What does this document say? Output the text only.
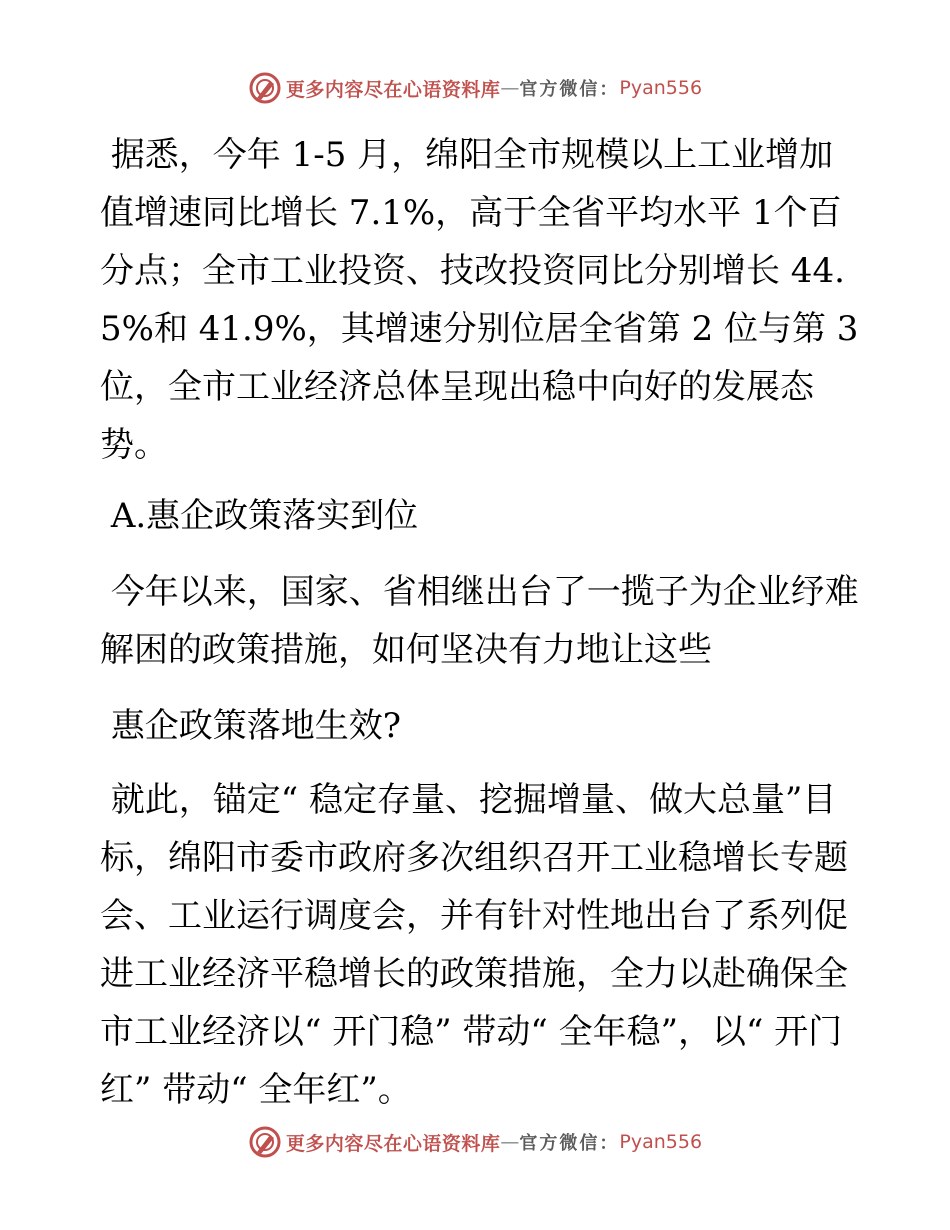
更多内容尽在心语资料库 — 官方微信： Pyan556

据悉，今年 1-5 月，绵阳全市规模以上工业增加值增速同比增长 7.1%，高于全省平均水平 1个百分点；全市工业投资、技改投资同比分别增长 44.5%和 41.9%，其增速分别位居全省第 2 位与第 3 位，全市工业经济总体呈现出稳中向好的发展态势。

A.惠企政策落实到位

今年以来，国家、省相继出台了一揽子为企业纾难解困的政策措施，如何坚决有力地让这些

惠企政策落地生效?

就此，锚定“ 稳定存量、挖掘增量、做大总量”目标，绵阳市委市政府多次组织召开工业稳增长专题会、工业运行调度会，并有针对性地出台了系列促进工业经济平稳增长的政策措施，全力以赴确保全市工业经济以“ 开门稳” 带动“ 全年稳”，以“ 开门红” 带动“ 全年红”。

更多内容尽在心语资料库 — 官方微信： Pyan556
